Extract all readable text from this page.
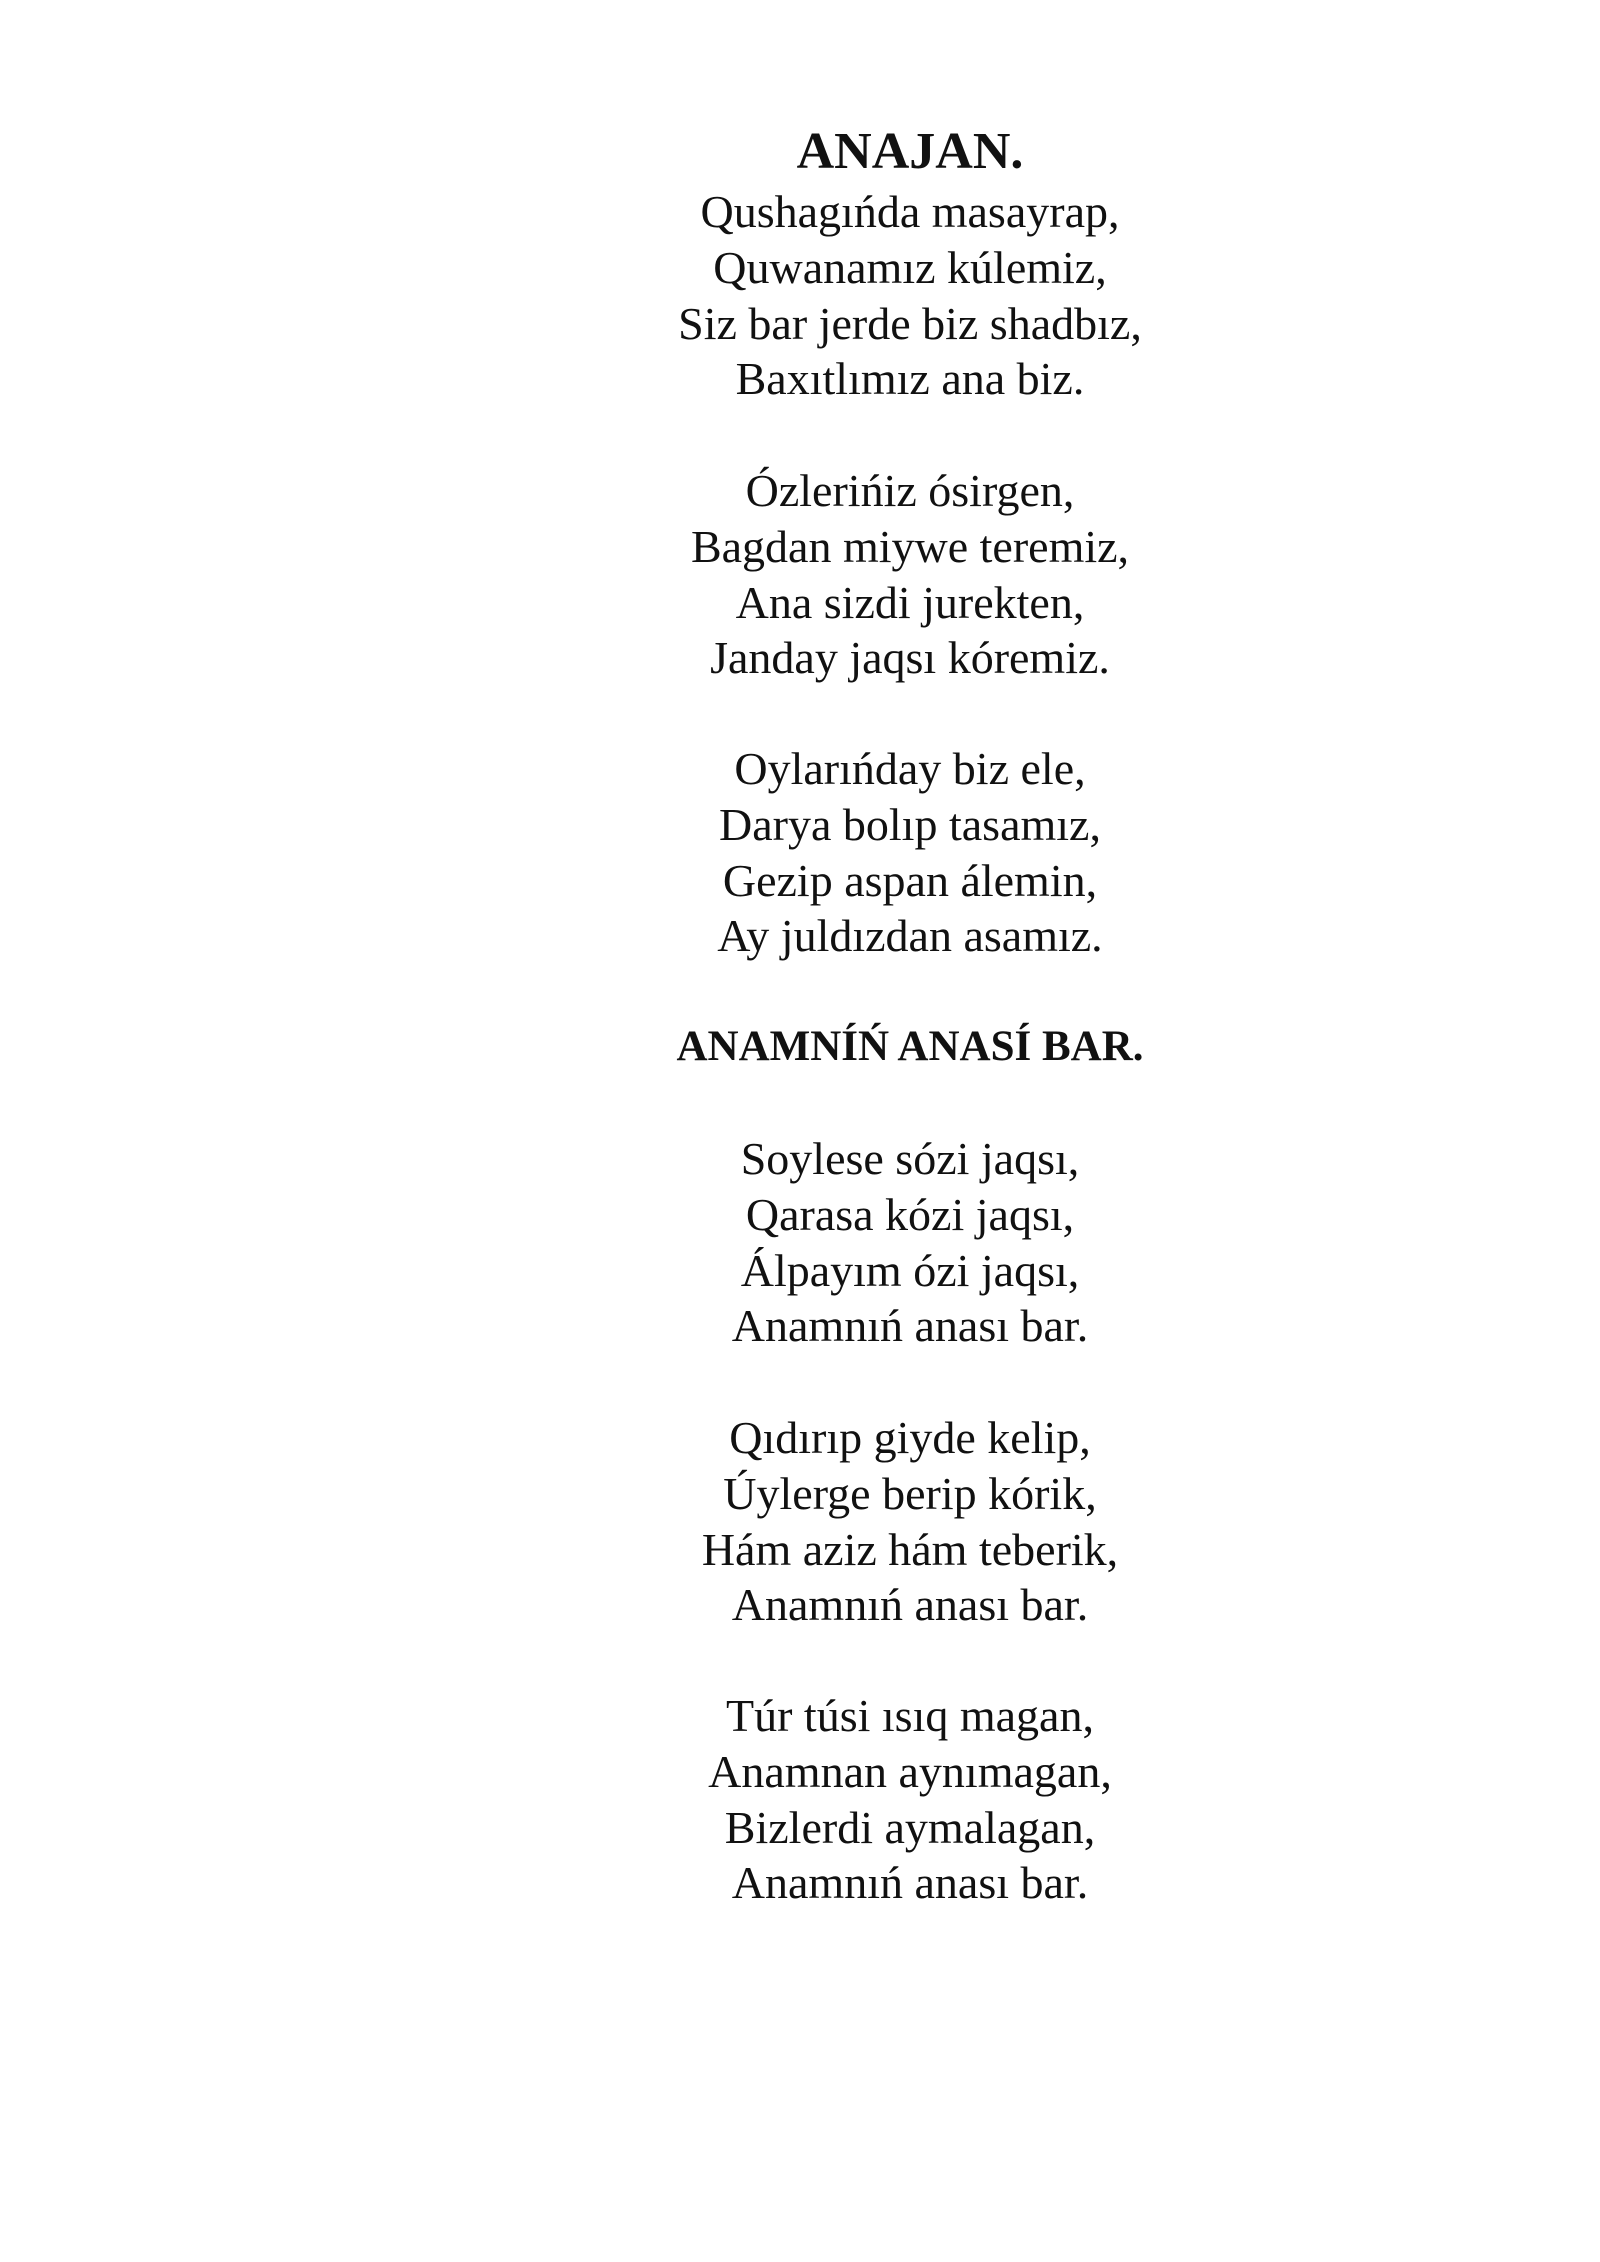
ANAJAN.
Qushagıńda masayrap,
Quwanamız kúlemiz,
Siz bar jerde biz shadbız,
Baxıtlımız ana biz.
Ózlerińiz ósirgen,
Bagdan miywe teremiz,
Ana sizdi jurekten,
Janday jaqsı kóremiz.
Oylarıńday biz ele,
Darya bolıp tasamız,
Gezip aspan álemin,
Ay juldızdan asamız.
ANAMNÍŃ ANASÍ BAR.
Soylese sózi jaqsı,
Qarasa kózi jaqsı,
Álpayım ózi jaqsı,
Anamnıń anası bar.
Qıdırıp giyde kelip,
Úylerge berip kórik,
Hám aziz hám teberik,
Anamnıń anası bar.
Túr túsi ısıq magan,
Anamnan aynımagan,
Bizlerdi aymalagan,
Anamnıń anası bar.
